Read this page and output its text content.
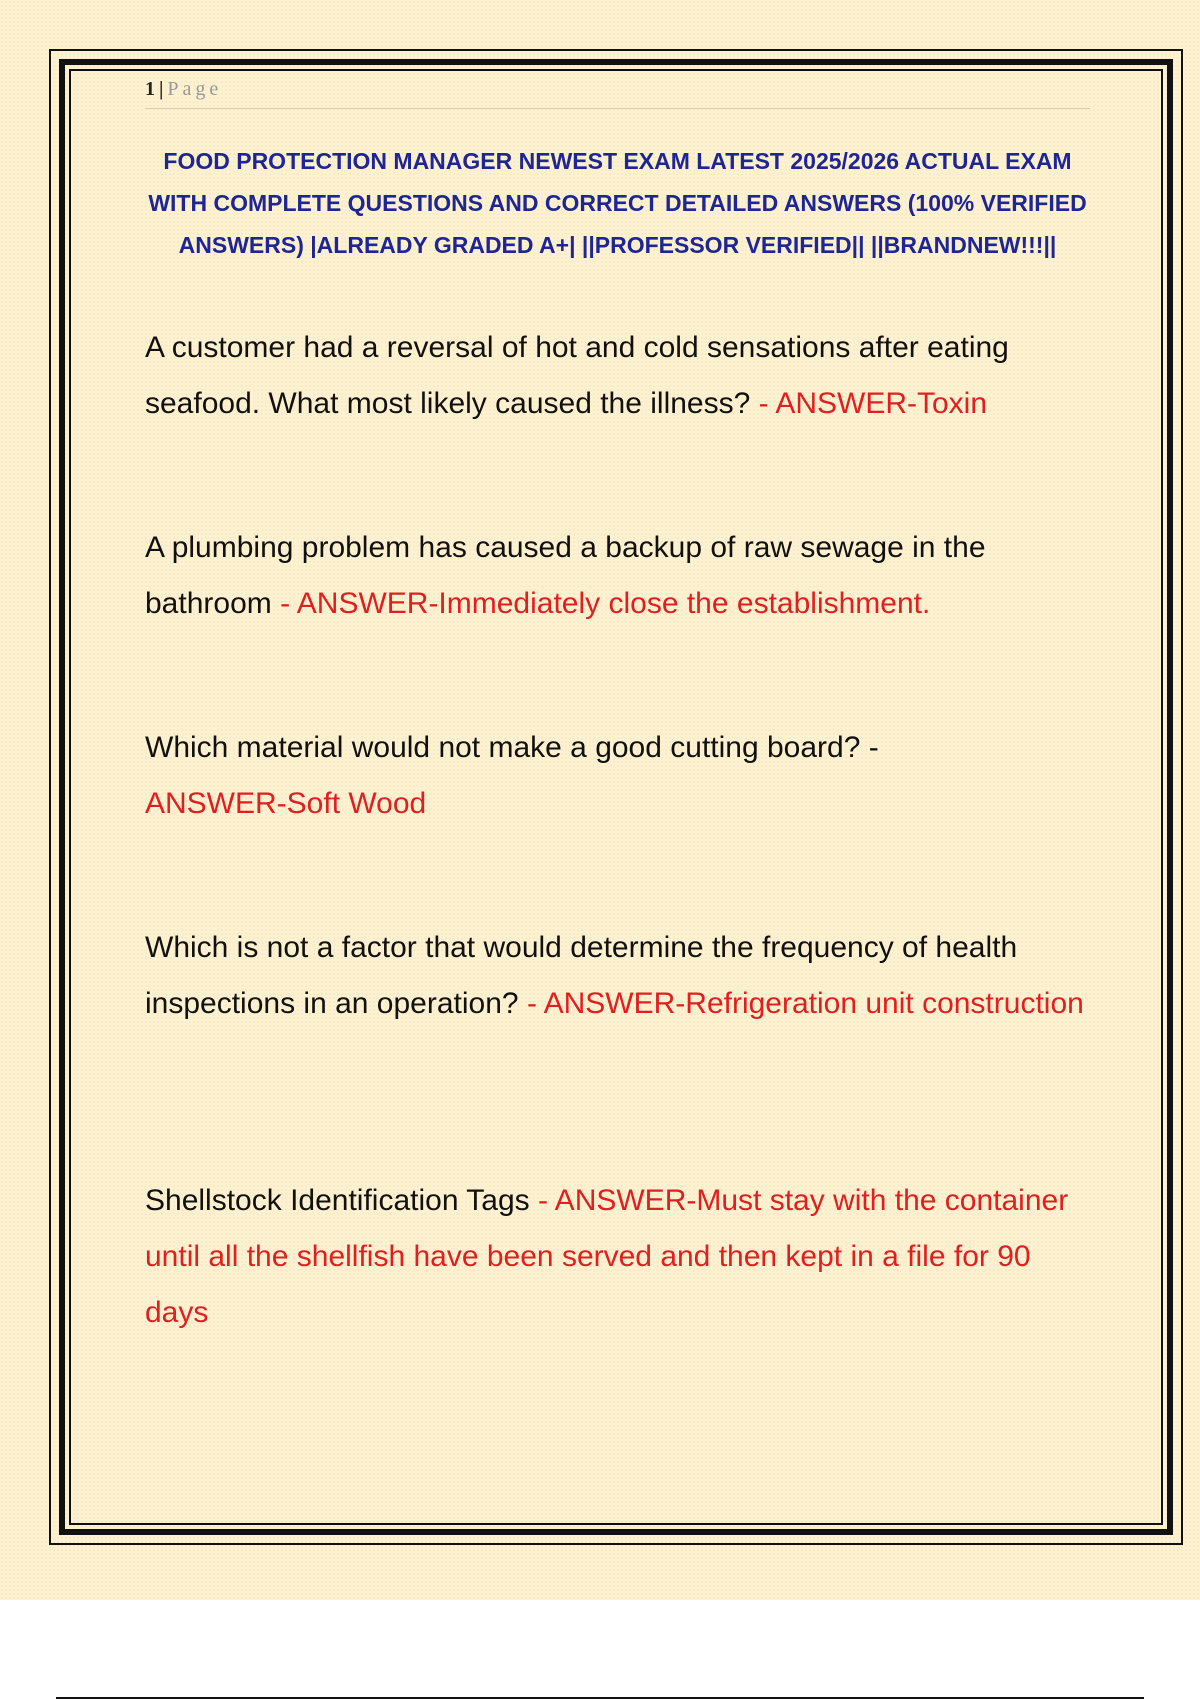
1 | Page
FOOD PROTECTION MANAGER NEWEST EXAM LATEST 2025/2026 ACTUAL EXAM WITH COMPLETE QUESTIONS AND CORRECT DETAILED ANSWERS (100% VERIFIED ANSWERS) |ALREADY GRADED A+| ||PROFESSOR VERIFIED|| ||BRANDNEW!!!||
A customer had a reversal of hot and cold sensations after eating seafood. What most likely caused the illness? - ANSWER-Toxin
A plumbing problem has caused a backup of raw sewage in the bathroom - ANSWER-Immediately close the establishment.
Which material would not make a good cutting board? -
ANSWER-Soft Wood
Which is not a factor that would determine the frequency of health inspections in an operation? - ANSWER-Refrigeration unit construction
Shellstock Identification Tags - ANSWER-Must stay with the container until all the shellfish have been served and then kept in a file for 90 days
